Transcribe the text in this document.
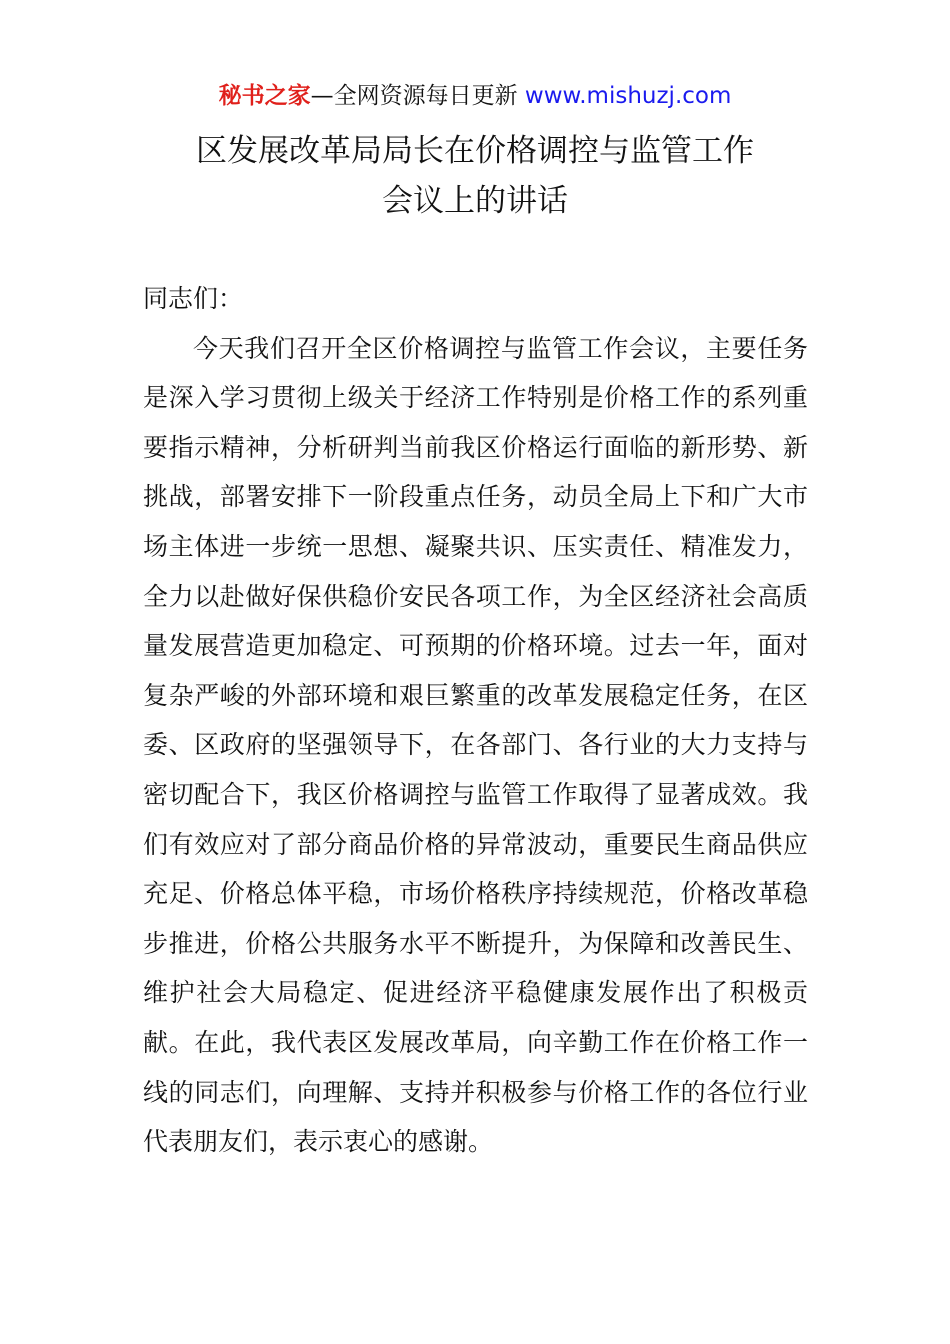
秘书之家—全网资源每日更新 www.mishuzj.com
区发展改革局局长在价格调控与监管工作
会议上的讲话

同志们：

今天我们召开全区价格调控与监管工作会议，主要任务是深入学习贯彻上级关于经济工作特别是价格工作的系列重要指示精神，分析研判当前我区价格运行面临的新形势、新挑战，部署安排下一阶段重点任务，动员全局上下和广大市场主体进一步统一思想、凝聚共识、压实责任、精准发力，全力以赴做好保供稳价安民各项工作，为全区经济社会高质量发展营造更加稳定、可预期的价格环境。过去一年，面对复杂严峻的外部环境和艰巨繁重的改革发展稳定任务，在区委、区政府的坚强领导下，在各部门、各行业的大力支持与密切配合下，我区价格调控与监管工作取得了显著成效。我们有效应对了部分商品价格的异常波动，重要民生商品供应充足、价格总体平稳，市场价格秩序持续规范，价格改革稳步推进，价格公共服务水平不断提升，为保障和改善民生、维护社会大局稳定、促进经济平稳健康发展作出了积极贡献。在此，我代表区发展改革局，向辛勤工作在价格工作一线的同志们，向理解、支持并积极参与价格工作的各位行业代表朋友们，表示衷心的感谢。
